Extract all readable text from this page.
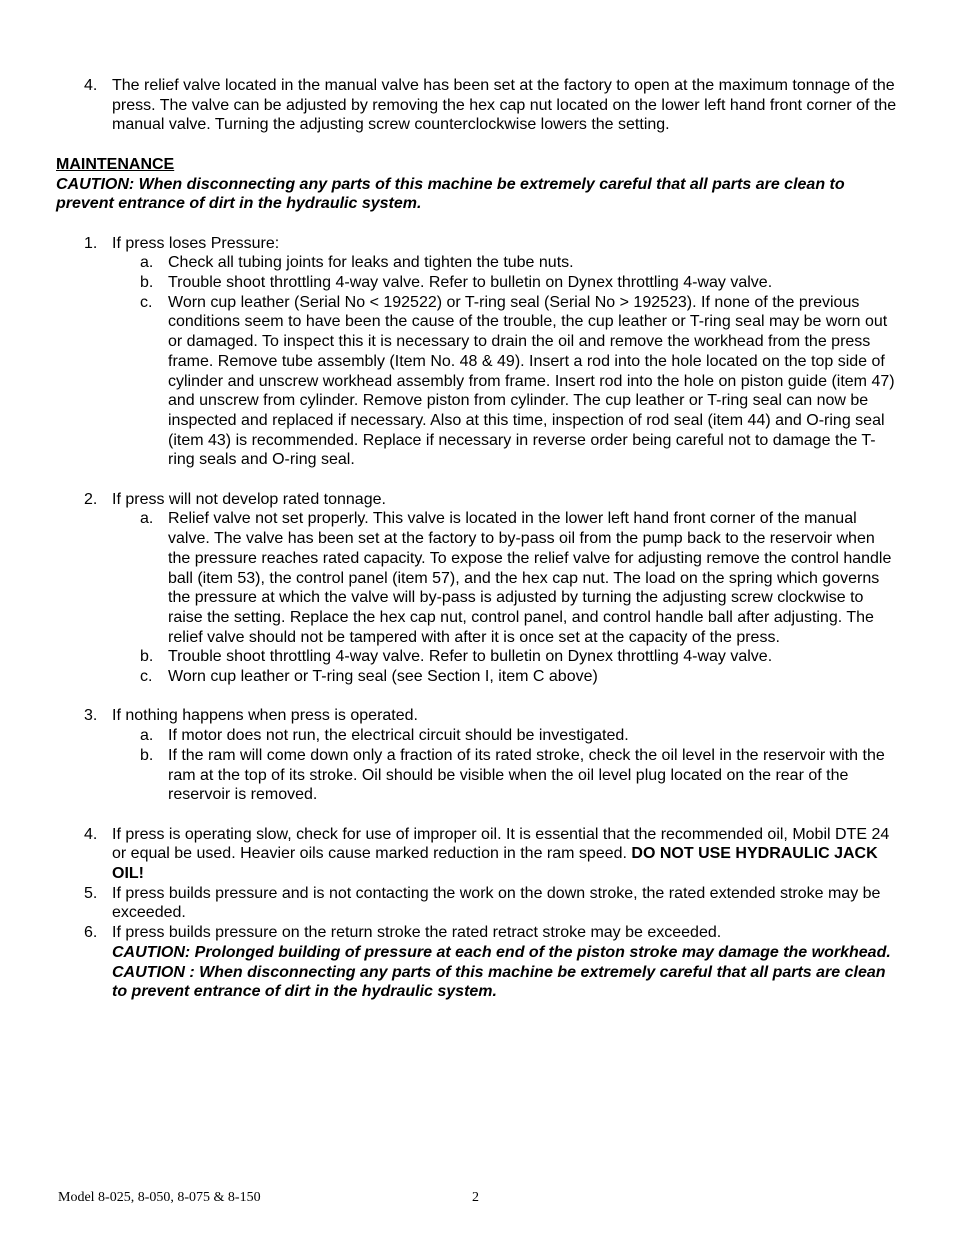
4. The relief valve located in the manual valve has been set at the factory to open at the maximum tonnage of the press. The valve can be adjusted by removing the hex cap nut located on the lower left hand front corner of the manual valve. Turning the adjusting screw counterclockwise lowers the setting.
MAINTENANCE
CAUTION: When disconnecting any parts of this machine be extremely careful that all parts are clean to prevent entrance of dirt in the hydraulic system.
1. If press loses Pressure:
a. Check all tubing joints for leaks and tighten the tube nuts.
b. Trouble shoot throttling 4-way valve. Refer to bulletin on Dynex throttling 4-way valve.
c. Worn cup leather (Serial No < 192522) or T-ring seal (Serial No > 192523). If none of the previous conditions seem to have been the cause of the trouble, the cup leather or T-ring seal may be worn out or damaged. To inspect this it is necessary to drain the oil and remove the workhead from the press frame. Remove tube assembly (Item No. 48 & 49). Insert a rod into the hole located on the top side of cylinder and unscrew workhead assembly from frame. Insert rod into the hole on piston guide (item 47) and unscrew from cylinder. Remove piston from cylinder. The cup leather or T-ring seal can now be inspected and replaced if necessary. Also at this time, inspection of rod seal (item 44) and O-ring seal (item 43) is recommended. Replace if necessary in reverse order being careful not to damage the T-ring seals and O-ring seal.
2. If press will not develop rated tonnage.
a. Relief valve not set properly. This valve is located in the lower left hand front corner of the manual valve. The valve has been set at the factory to by-pass oil from the pump back to the reservoir when the pressure reaches rated capacity. To expose the relief valve for adjusting remove the control handle ball (item 53), the control panel (item 57), and the hex cap nut. The load on the spring which governs the pressure at which the valve will by-pass is adjusted by turning the adjusting screw clockwise to raise the setting. Replace the hex cap nut, control panel, and control handle ball after adjusting. The relief valve should not be tampered with after it is once set at the capacity of the press.
b. Trouble shoot throttling 4-way valve. Refer to bulletin on Dynex throttling 4-way valve.
c. Worn cup leather or T-ring seal (see Section I, item C above)
3. If nothing happens when press is operated.
a. If motor does not run, the electrical circuit should be investigated.
b. If the ram will come down only a fraction of its rated stroke, check the oil level in the reservoir with the ram at the top of its stroke. Oil should be visible when the oil level plug located on the rear of the reservoir is removed.
4. If press is operating slow, check for use of improper oil. It is essential that the recommended oil, Mobil DTE 24 or equal be used. Heavier oils cause marked reduction in the ram speed. DO NOT USE HYDRAULIC JACK OIL!
5. If press builds pressure and is not contacting the work on the down stroke, the rated extended stroke may be exceeded.
6. If press builds pressure on the return stroke the rated retract stroke may be exceeded.
CAUTION: Prolonged building of pressure at each end of the piston stroke may damage the workhead.
CAUTION : When disconnecting any parts of this machine be extremely careful that all parts are clean to prevent entrance of dirt in the hydraulic system.
Model 8-025, 8-050, 8-075 & 8-150	2
